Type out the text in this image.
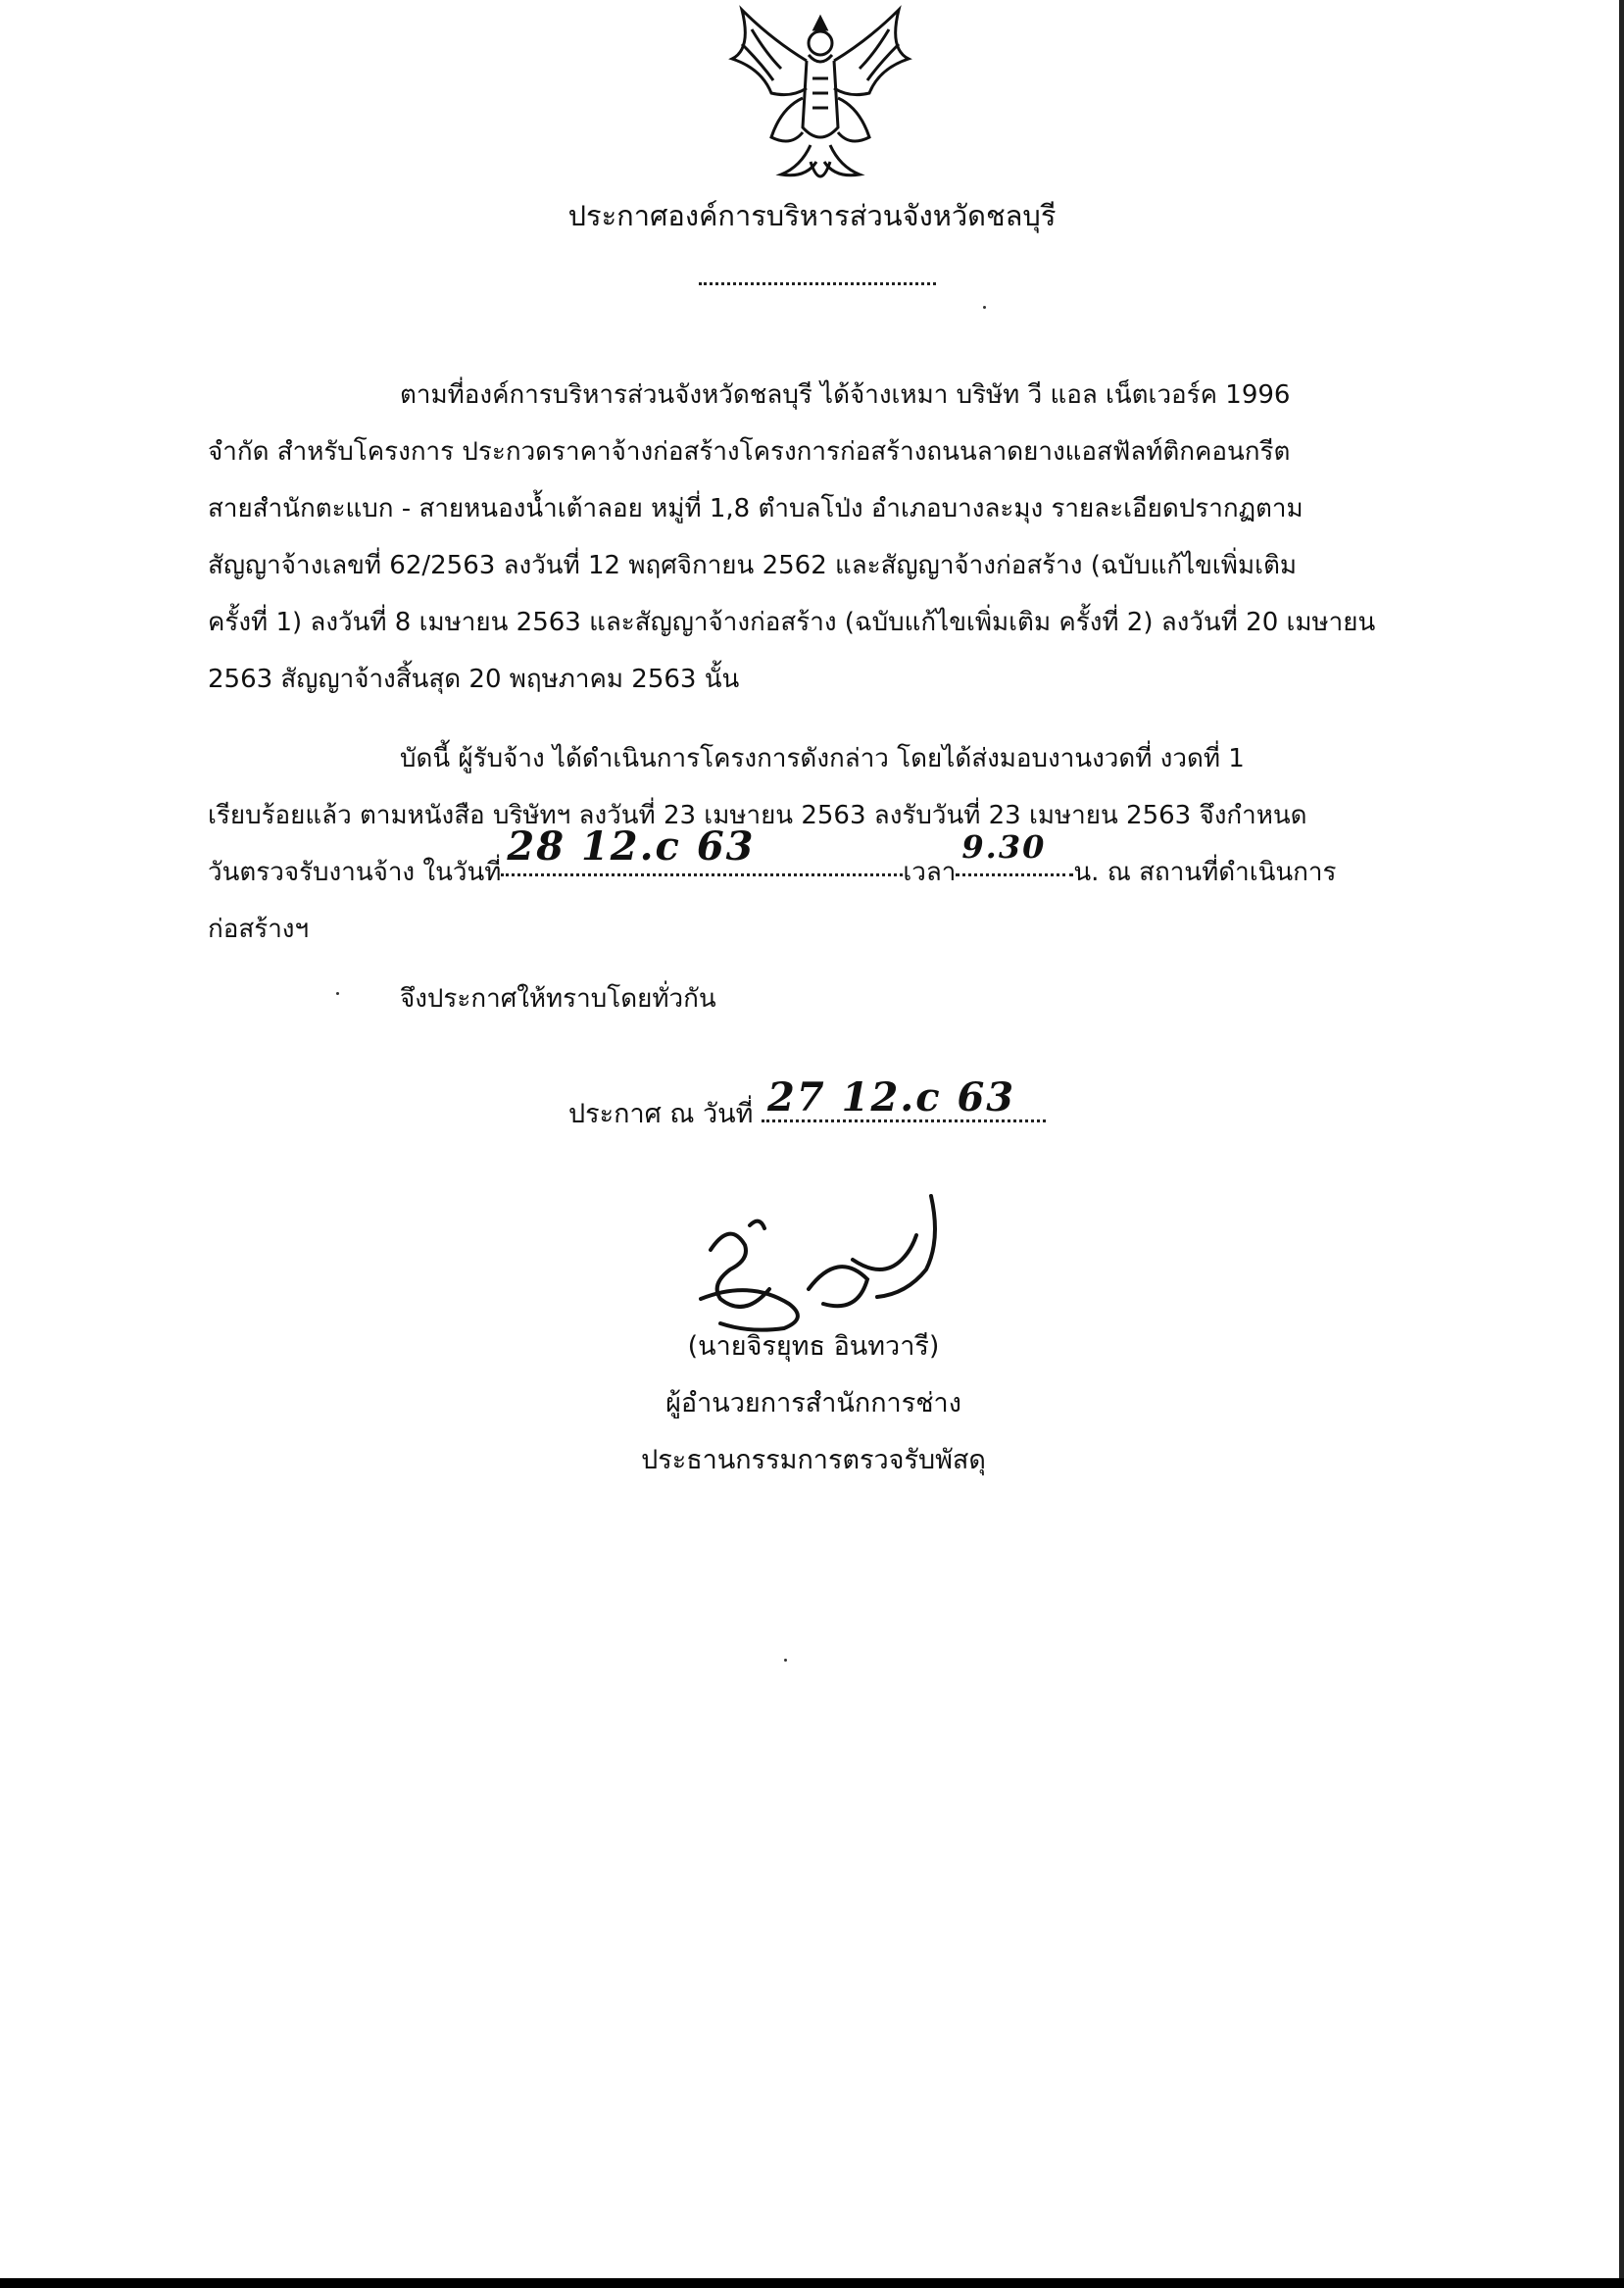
ประกาศองค์การบริหารส่วนจังหวัดชลบุรี
ตามที่องค์การบริหารส่วนจังหวัดชลบุรี ได้จ้างเหมา บริษัท วี แอล เน็ตเวอร์ค 1996
จำกัด สำหรับโครงการ ประกวดราคาจ้างก่อสร้างโครงการก่อสร้างถนนลาดยางแอสฟัลท์ติกคอนกรีต
สายสำนักตะแบก - สายหนองน้ำเต้าลอย หมู่ที่ 1,8 ตำบลโป่ง อำเภอบางละมุง รายละเอียดปรากฏตาม
สัญญาจ้างเลขที่ 62/2563 ลงวันที่ 12 พฤศจิกายน 2562 และสัญญาจ้างก่อสร้าง (ฉบับแก้ไขเพิ่มเติม
ครั้งที่ 1) ลงวันที่ 8 เมษายน 2563 และสัญญาจ้างก่อสร้าง (ฉบับแก้ไขเพิ่มเติม ครั้งที่ 2) ลงวันที่ 20 เมษายน
2563 สัญญาจ้างสิ้นสุด 20 พฤษภาคม 2563 นั้น
บัดนี้ ผู้รับจ้าง ได้ดำเนินการโครงการดังกล่าว โดยได้ส่งมอบงานงวดที่ งวดที่ 1
เรียบร้อยแล้ว ตามหนังสือ บริษัทฯ ลงวันที่ 23 เมษายน 2563 ลงรับวันที่ 23 เมษายน 2563 จึงกำหนด
วันตรวจรับงานจ้าง ในวันที่
28 12.c 63
เวลา
9.30
น. ณ สถานที่ดำเนินการ
ก่อสร้างฯ
จึงประกาศให้ทราบโดยทั่วกัน
ประกาศ ณ วันที่ 27 12.c 63
(นายจิรยุทธ อินทวารี)
ผู้อำนวยการสำนักการช่าง
ประธานกรรมการตรวจรับพัสดุ
